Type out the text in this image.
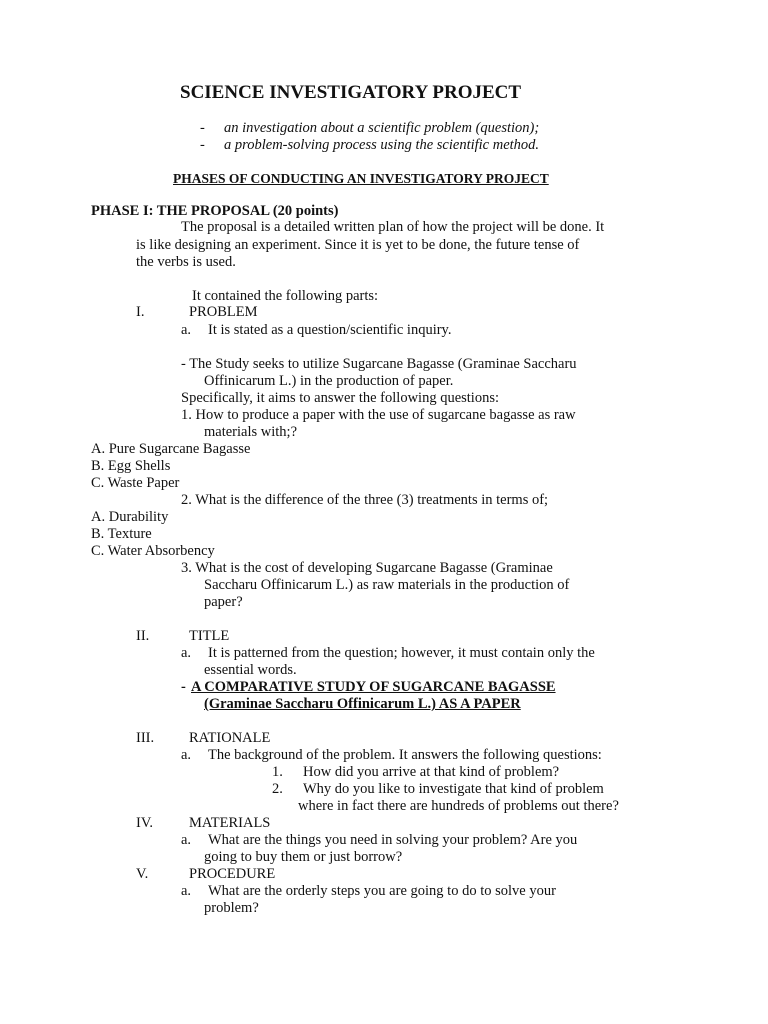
SCIENCE INVESTIGATORY PROJECT
- an investigation about a scientific problem (question);
- a problem-solving process using the scientific method.
PHASES OF CONDUCTING AN INVESTIGATORY PROJECT
PHASE I: THE PROPOSAL (20 points)
The proposal is a detailed written plan of how the project will be done. It
is like designing an experiment. Since it is yet to be done, the future tense of
the verbs is used.
It contained the following parts:
I.	PROBLEM
a. It is stated as a question/scientific inquiry.
- The Study seeks to utilize Sugarcane Bagasse (Graminae Saccharu
Offinicarum L.) in the production of paper.
Specifically, it aims to answer the following questions:
1. How to produce a paper with the use of sugarcane bagasse as raw
materials with;?
A. Pure Sugarcane Bagasse
B. Egg Shells
C. Waste Paper
2. What is the difference of the three (3) treatments in terms of;
A. Durability
B. Texture
C. Water Absorbency
3. What is the cost of developing Sugarcane Bagasse (Graminae
Saccharu Offinicarum L.) as raw materials in the production of
paper?
II.	TITLE
a. It is patterned from the question; however, it must contain only the
essential words.
- A COMPARATIVE STUDY OF SUGARCANE BAGASSE
(Graminae Saccharu Offinicarum L.) AS A PAPER
III. RATIONALE
a. The background of the problem. It answers the following questions:
1. How did you arrive at that kind of problem?
2. Why do you like to investigate that kind of problem
where in fact there are hundreds of problems out there?
IV. MATERIALS
a. What are the things you need in solving your problem? Are you
going to buy them or just borrow?
V.	PROCEDURE
a. What are the orderly steps you are going to do to solve your
problem?
